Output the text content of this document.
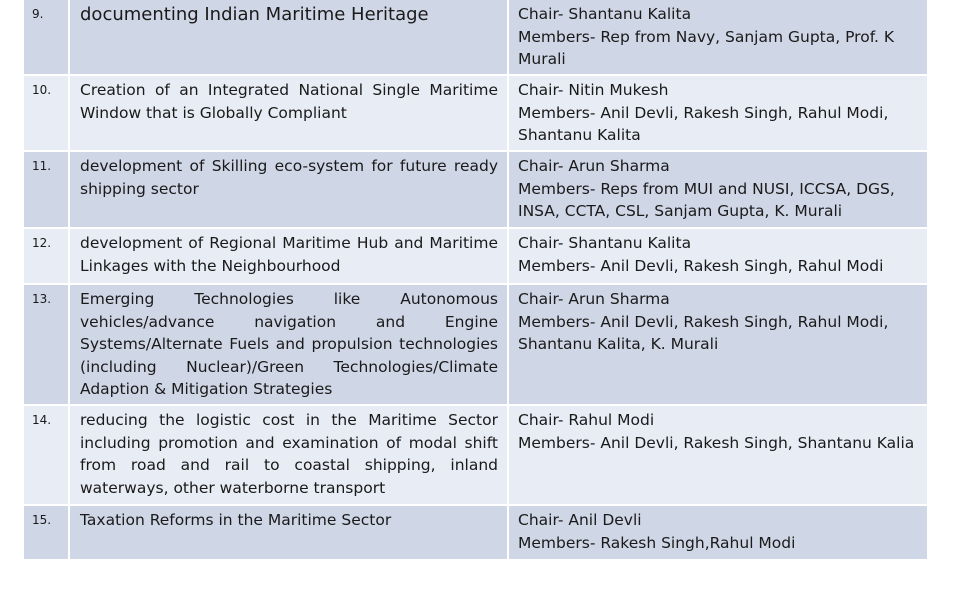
9.	documenting Indian Maritime Heritage	Chair- Shantanu Kalita
Members- Rep from Navy, Sanjam Gupta, Prof. K Murali

10.	Creation of an Integrated National Single Maritime Window that is Globally Compliant	Chair- Nitin Mukesh
Members- Anil Devli, Rakesh Singh, Rahul Modi, Shantanu Kalita

11.	development of Skilling eco-system for future ready shipping sector	Chair- Arun Sharma
Members- Reps from MUI and NUSI, ICCSA, DGS, INSA, CCTA, CSL, Sanjam Gupta, K. Murali

12.	development of Regional Maritime Hub and Maritime Linkages with the Neighbourhood	Chair- Shantanu Kalita
Members- Anil Devli, Rakesh Singh, Rahul Modi

13.	Emerging Technologies like Autonomous vehicles/advance navigation and Engine Systems/Alternate Fuels and propulsion technologies (including Nuclear)/Green Technologies/Climate Adaption & Mitigation Strategies	Chair- Arun Sharma
Members- Anil Devli, Rakesh Singh, Rahul Modi, Shantanu Kalita, K. Murali

14.	reducing the logistic cost in the Maritime Sector including promotion and examination of modal shift from road and rail to coastal shipping, inland waterways, other waterborne transport	Chair- Rahul Modi
Members- Anil Devli, Rakesh Singh, Shantanu Kalia

15.	Taxation Reforms in the Maritime Sector	Chair- Anil Devli
Members- Rakesh Singh,Rahul Modi
